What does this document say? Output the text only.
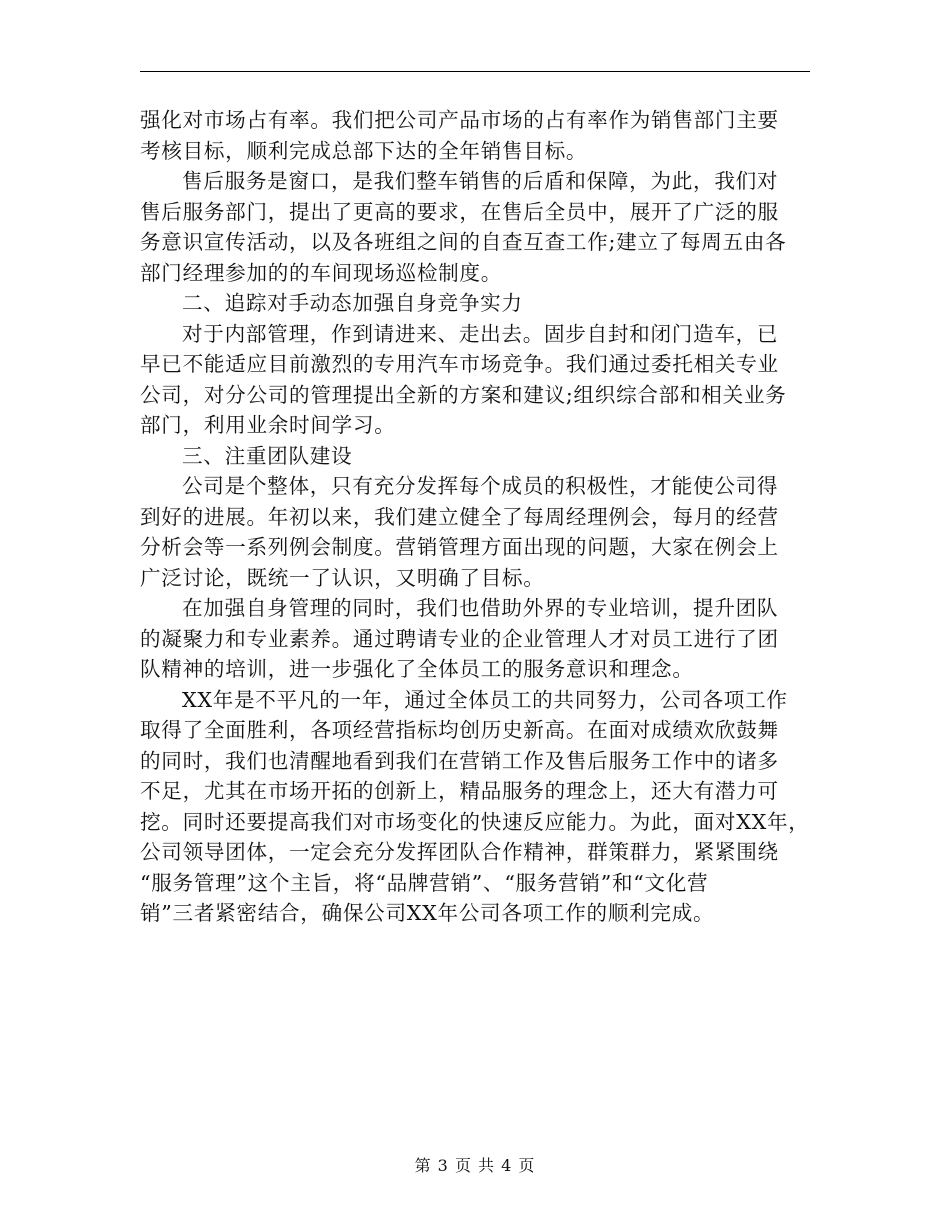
强化对市场占有率。我们把公司产品市场的占有率作为销售部门主要
考核目标，顺利完成总部下达的全年销售目标。
售后服务是窗口，是我们整车销售的后盾和保障，为此，我们对
售后服务部门，提出了更高的要求，在售后全员中，展开了广泛的服
务意识宣传活动，以及各班组之间的自查互查工作;建立了每周五由各
部门经理参加的的车间现场巡检制度。
二、追踪对手动态加强自身竞争实力
对于内部管理，作到请进来、走出去。固步自封和闭门造车，已
早已不能适应目前激烈的专用汽车市场竞争。我们通过委托相关专业
公司，对分公司的管理提出全新的方案和建议;组织综合部和相关业务
部门，利用业余时间学习。
三、注重团队建设
公司是个整体，只有充分发挥每个成员的积极性，才能使公司得
到好的进展。年初以来，我们建立健全了每周经理例会，每月的经营
分析会等一系列例会制度。营销管理方面出现的问题，大家在例会上
广泛讨论，既统一了认识，又明确了目标。
在加强自身管理的同时，我们也借助外界的专业培训，提升团队
的凝聚力和专业素养。通过聘请专业的企业管理人才对员工进行了团
队精神的培训，进一步强化了全体员工的服务意识和理念。
XX年是不平凡的一年，通过全体员工的共同努力，公司各项工作
取得了全面胜利，各项经营指标均创历史新高。在面对成绩欢欣鼓舞
的同时，我们也清醒地看到我们在营销工作及售后服务工作中的诸多
不足，尤其在市场开拓的创新上，精品服务的理念上，还大有潜力可
挖。同时还要提高我们对市场变化的快速反应能力。为此，面对XX年，
公司领导团体，一定会充分发挥团队合作精神，群策群力，紧紧围绕
“服务管理”这个主旨，将“品牌营销”、“服务营销”和“文化营
销”三者紧密结合，确保公司XX年公司各项工作的顺利完成。
第 3 页 共 4 页
